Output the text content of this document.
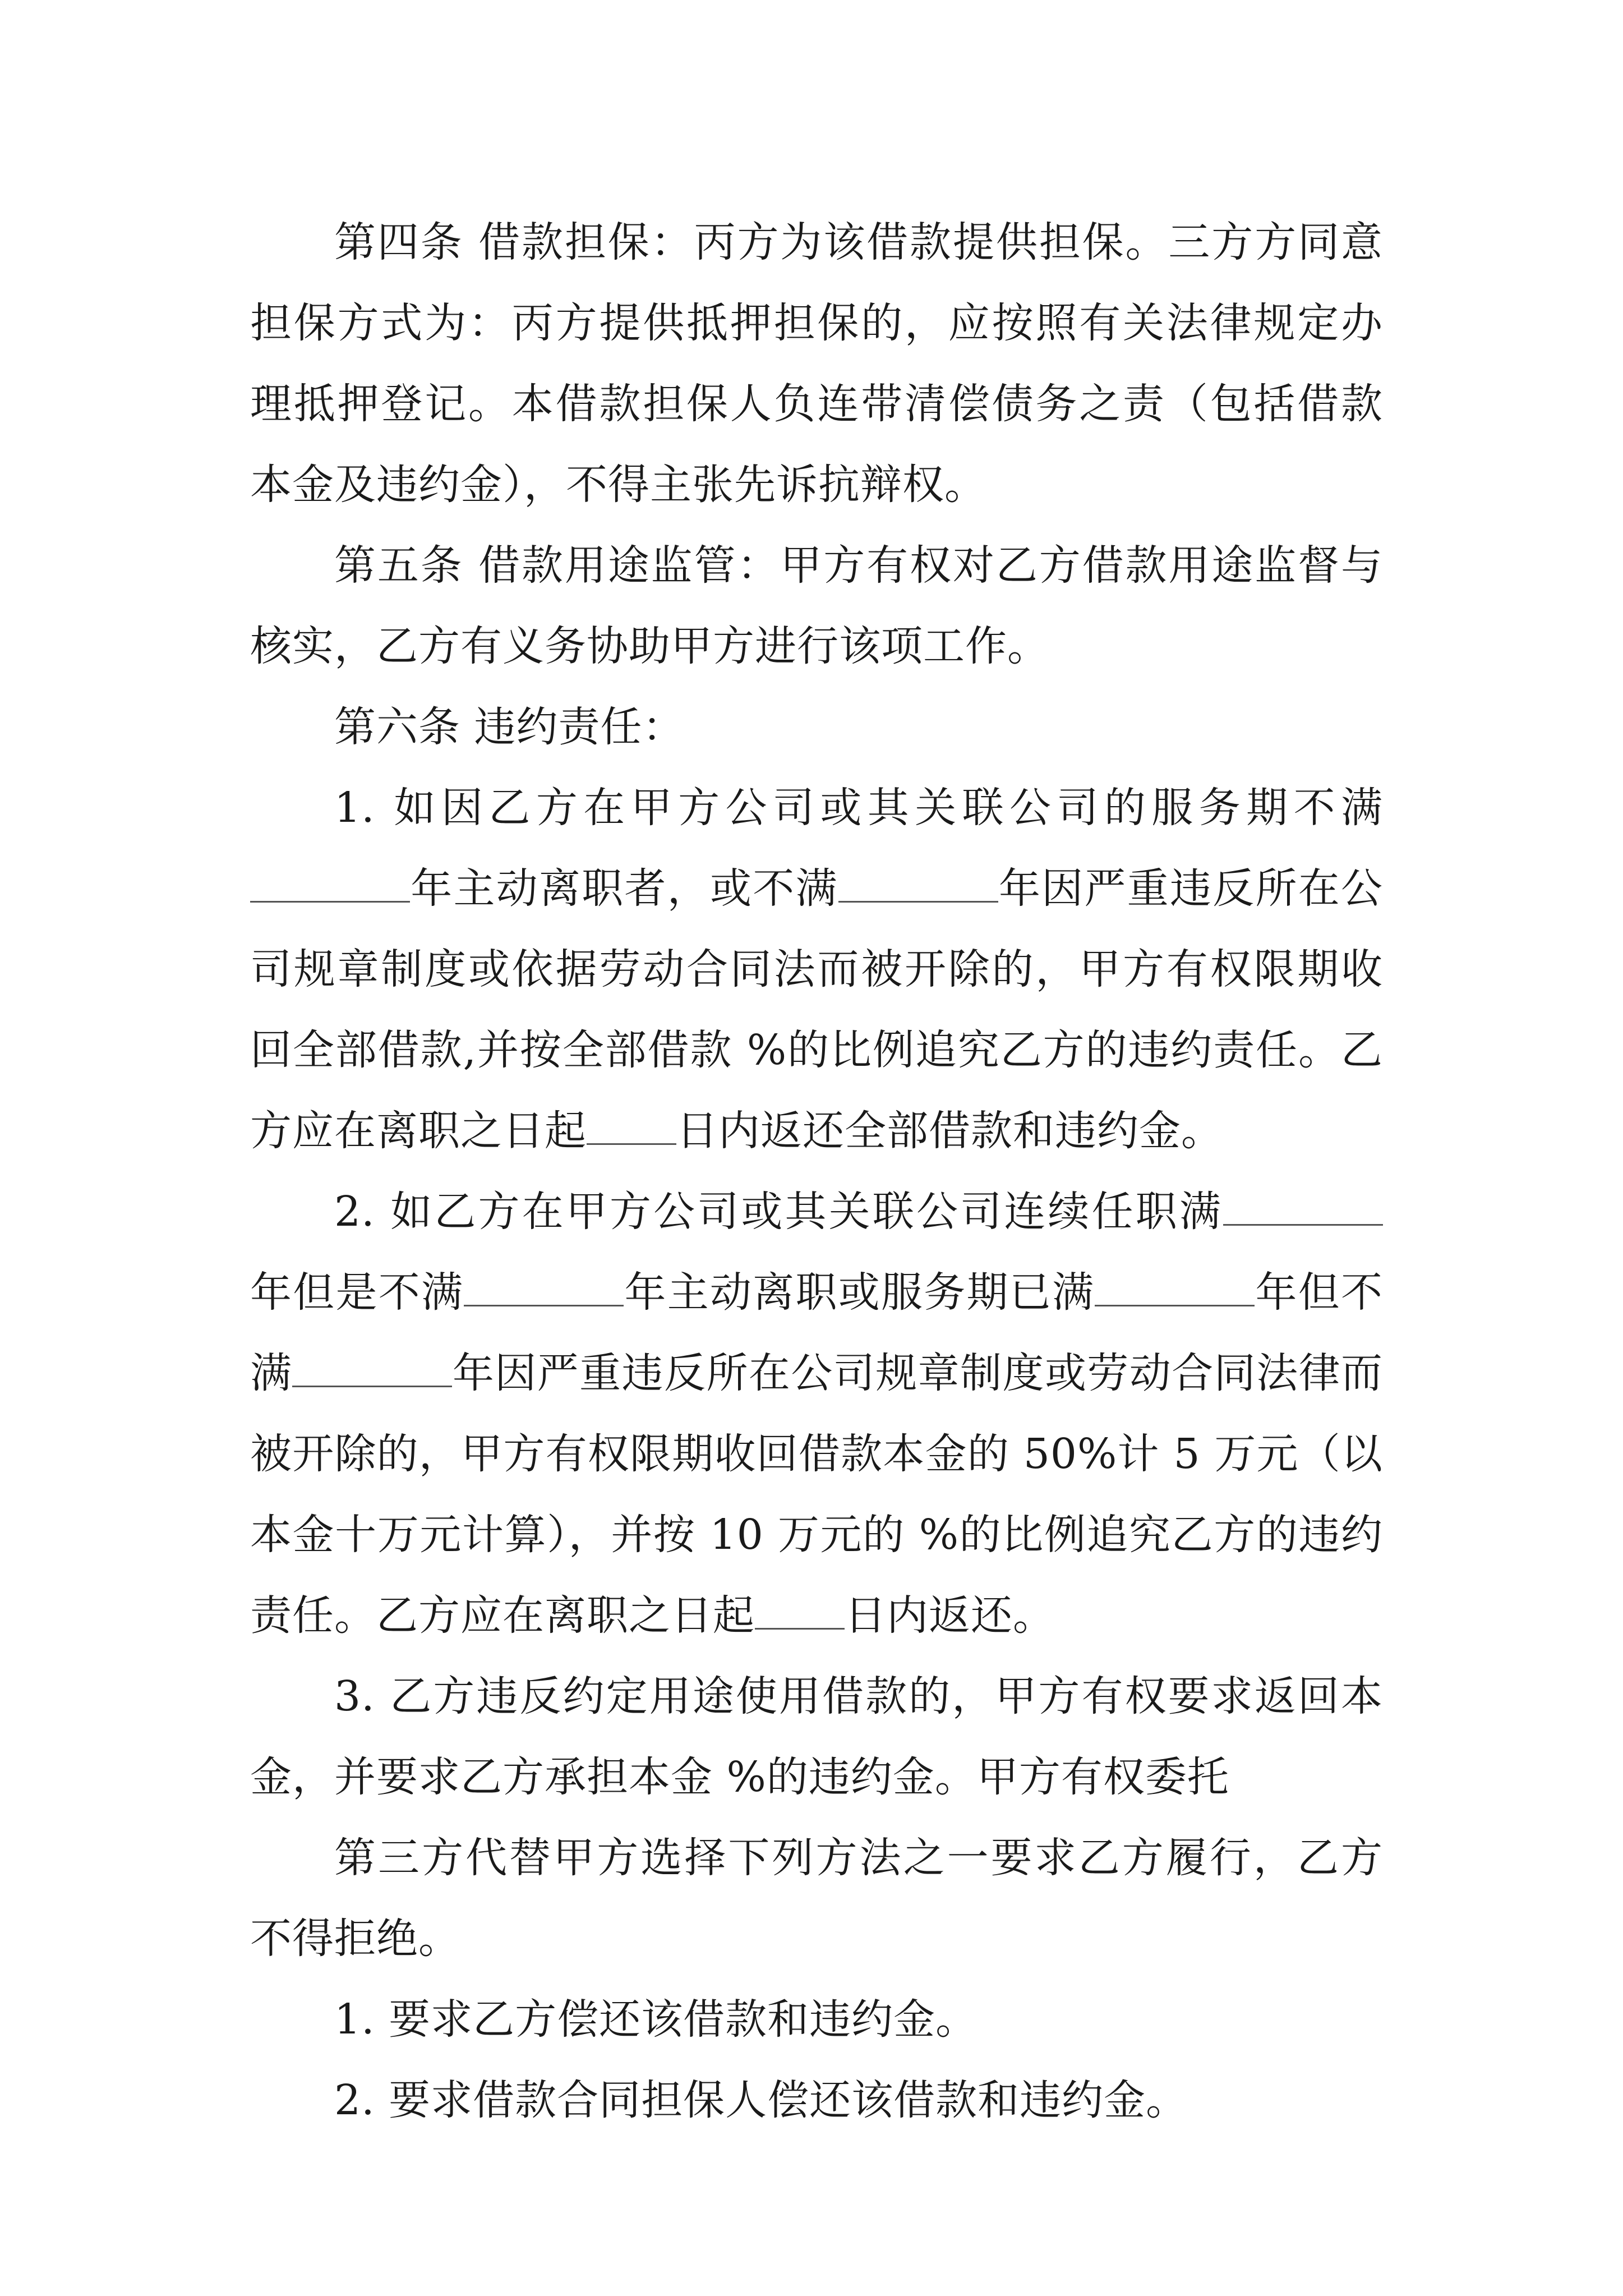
第四条 借款担保：丙方为该借款提供担保。三方方同意担保方式为：丙方提供抵押担保的，应按照有关法律规定办理抵押登记。本借款担保人负连带清偿债务之责（包括借款本金及违约金），不得主张先诉抗辩权。

第五条 借款用途监管：甲方有权对乙方借款用途监督与核实，乙方有义务协助甲方进行该项工作。

第六条 违约责任：

1. 如因乙方在甲方公司或其关联公司的服务期不满年主动离职者，或不满	年因严重违反所在公司规章制度或依据劳动合同法而被开除的，甲方有权限期收回全部借款,并按全部借款 %的比例追究乙方的违约责任。乙方应在离职之日起 日内返还全部借款和违约金。

2. 如乙方在甲方公司或其关联公司连续任职满年但是不满	年主动离职或服务期已满	年但不满	年因严重违反所在公司规章制度或劳动合同法律而被开除的，甲方有权限期收回借款本金的 50%计 5 万元（以本金十万元计算），并按 10 万元的 %的比例追究乙方的违约责任。乙方应在离职之日起 日内返还。

3. 乙方违反约定用途使用借款的，甲方有权要求返回本金，并要求乙方承担本金 %的违约金。甲方有权委托

第三方代替甲方选择下列方法之一要求乙方履行，乙方不得拒绝。

1. 要求乙方偿还该借款和违约金。

2. 要求借款合同担保人偿还该借款和违约金。
